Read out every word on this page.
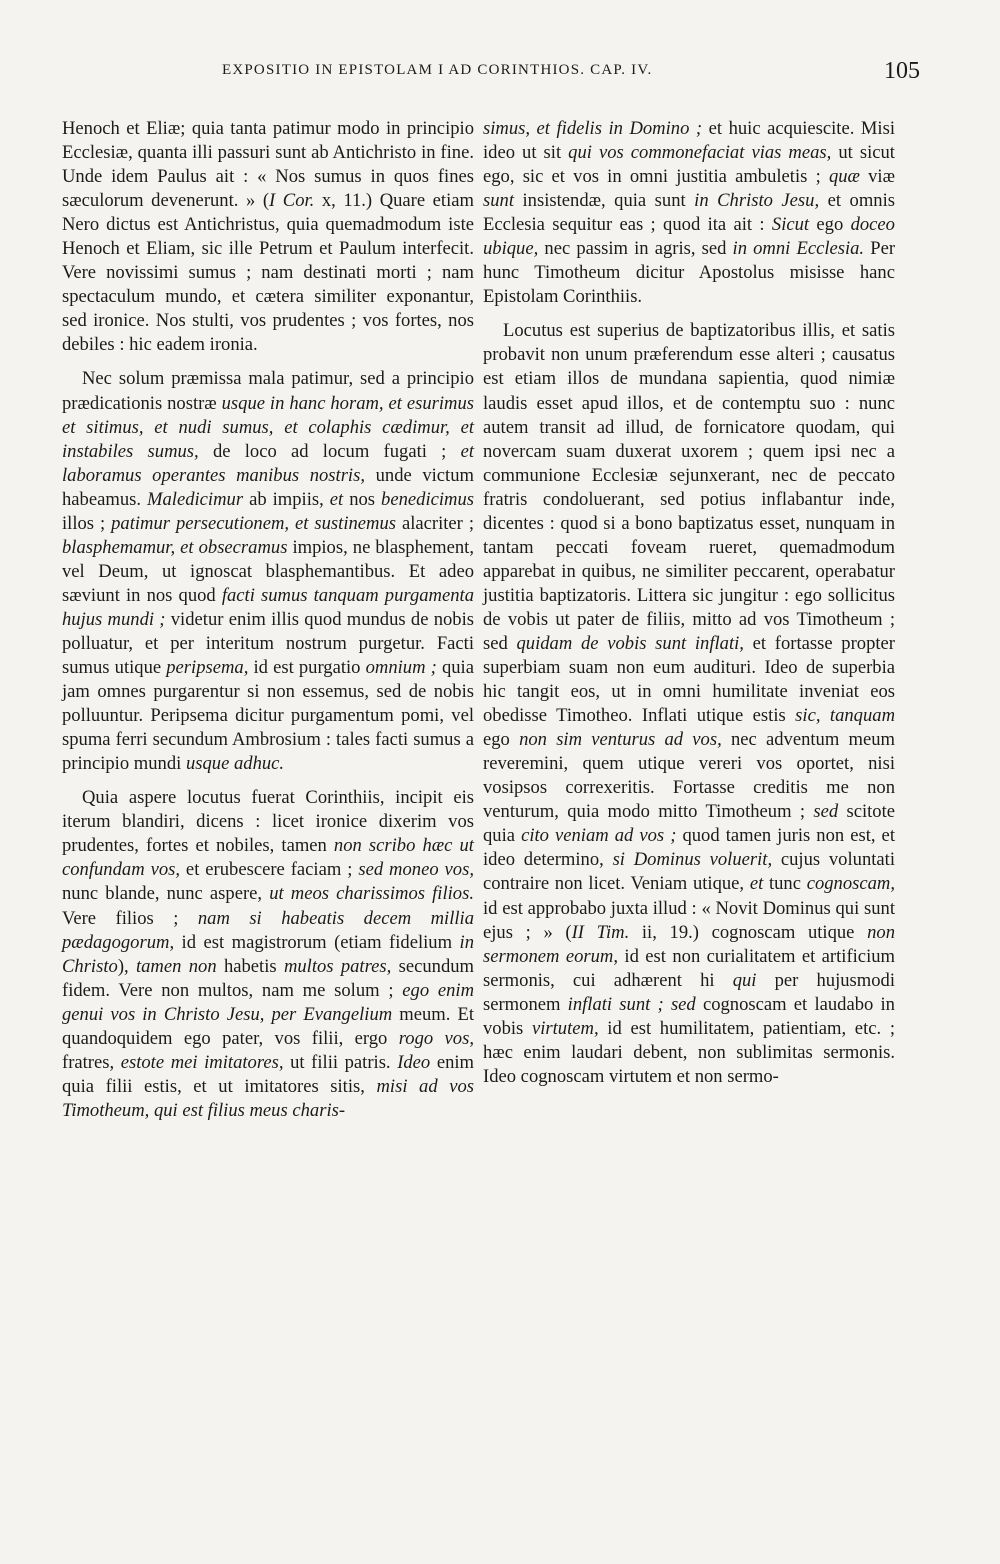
EXPOSITIO IN EPISTOLAM I AD CORINTHIOS. CAP. IV.	105

Henoch et Eliæ; quia tanta patimur modo in principio Ecclesiæ, quanta illi passuri sunt ab Antichristo in fine. Unde idem Paulus ait : « Nos sumus in quos fines sæculorum devenerunt. » (I Cor. x, 11.) Quare etiam Nero dictus est Antichristus, quia quemadmodum iste Henoch et Eliam, sic ille Petrum et Paulum interfecit. Vere novissimi sumus ; nam destinati morti ; nam spectaculum mundo, et cætera similiter exponantur, sed ironice. Nos stulti, vos prudentes ; vos fortes, nos debiles : hic eadem ironia.

Nec solum præmissa mala patimur, sed a principio prædicationis nostræ usque in hanc horam, et esurimus et sitimus, et nudi sumus, et colaphis cædimur, et instabiles sumus, de loco ad locum fugati ; et laboramus operantes manibus nostris, unde victum habeamus. Maledicimur ab impiis, et nos benedicimus illos ; patimur persecutionem, et sustinemus alacriter ; blasphemamur, et obsecramus impios, ne blasphement, vel Deum, ut ignoscat blasphemantibus. Et adeo sæviunt in nos quod facti sumus tanquam purgamenta hujus mundi ; videtur enim illis quod mundus de nobis polluatur, et per interitum nostrum purgetur. Facti sumus utique peripsema, id est purgatio omnium ; quia jam omnes purgarentur si non essemus, sed de nobis polluuntur. Peripsema dicitur purgamentum pomi, vel spuma ferri secundum Ambrosium : tales facti sumus a principio mundi usque adhuc.

Quia aspere locutus fuerat Corinthiis, incipit eis iterum blandiri, dicens : licet ironice dixerim vos prudentes, fortes et nobiles, tamen non scribo hæc ut confundam vos, et erubescere faciam ; sed moneo vos, nunc blande, nunc aspere, ut meos charissimos filios. Vere filios ; nam si habeatis decem millia pædagogorum, id est magistrorum (etiam fidelium in Christo), tamen non habetis multos patres, secundum fidem. Vere non multos, nam me solum ; ego enim genui vos in Christo Jesu, per Evangelium meum. Et quandoquidem ego pater, vos filii, ergo rogo vos, fratres, estote mei imitatores, ut filii patris. Ideo enim quia filii estis, et ut imitatores sitis, misi ad vos Timotheum, qui est filius meus charis-

simus, et fidelis in Domino ; et huic acquiescite. Misi ideo ut sit qui vos commonefaciat vias meas, ut sicut ego, sic et vos in omni justitia ambuletis ; quæ viæ sunt insistendæ, quia sunt in Christo Jesu, et omnis Ecclesia sequitur eas ; quod ita ait : Sicut ego doceo ubique, nec passim in agris, sed in omni Ecclesia. Per hunc Timotheum dicitur Apostolus misisse hanc Epistolam Corinthiis.

Locutus est superius de baptizatoribus illis, et satis probavit non unum præferendum esse alteri ; causatus est etiam illos de mundana sapientia, quod nimiæ laudis esset apud illos, et de contemptu suo : nunc autem transit ad illud, de fornicatore quodam, qui novercam suam duxerat uxorem ; quem ipsi nec a communione Ecclesiæ sejunxerant, nec de peccato fratris condoluerant, sed potius inflabantur inde, dicentes : quod si a bono baptizatus esset, nunquam in tantam peccati foveam rueret, quemadmodum apparebat in quibus, ne similiter peccarent, operabatur justitia baptizatoris. Littera sic jungitur : ego sollicitus de vobis ut pater de filiis, mitto ad vos Timotheum ; sed quidam de vobis sunt inflati, et fortasse propter superbiam suam non eum audituri. Ideo de superbia hic tangit eos, ut in omni humilitate inveniat eos obedisse Timotheo. Inflati utique estis sic, tanquam ego non sim venturus ad vos, nec adventum meum reveremini, quem utique vereri vos oportet, nisi vosipsos correxeritis. Fortasse creditis me non venturum, quia modo mitto Timotheum ; sed scitote quia cito veniam ad vos ; quod tamen juris non est, et ideo determino, si Dominus voluerit, cujus voluntati contraire non licet. Veniam utique, et tunc cognoscam, id est approbabo juxta illud : « Novit Dominus qui sunt ejus ; » (II Tim. ii, 19.) cognoscam utique non sermonem eorum, id est non curialitatem et artificium sermonis, cui adhærent hi qui per hujusmodi sermonem inflati sunt ; sed cognoscam et laudabo in vobis virtutem, id est humilitatem, patientiam, etc. ; hæc enim laudari debent, non sublimitas sermonis. Ideo cognoscam virtutem et non sermo-
